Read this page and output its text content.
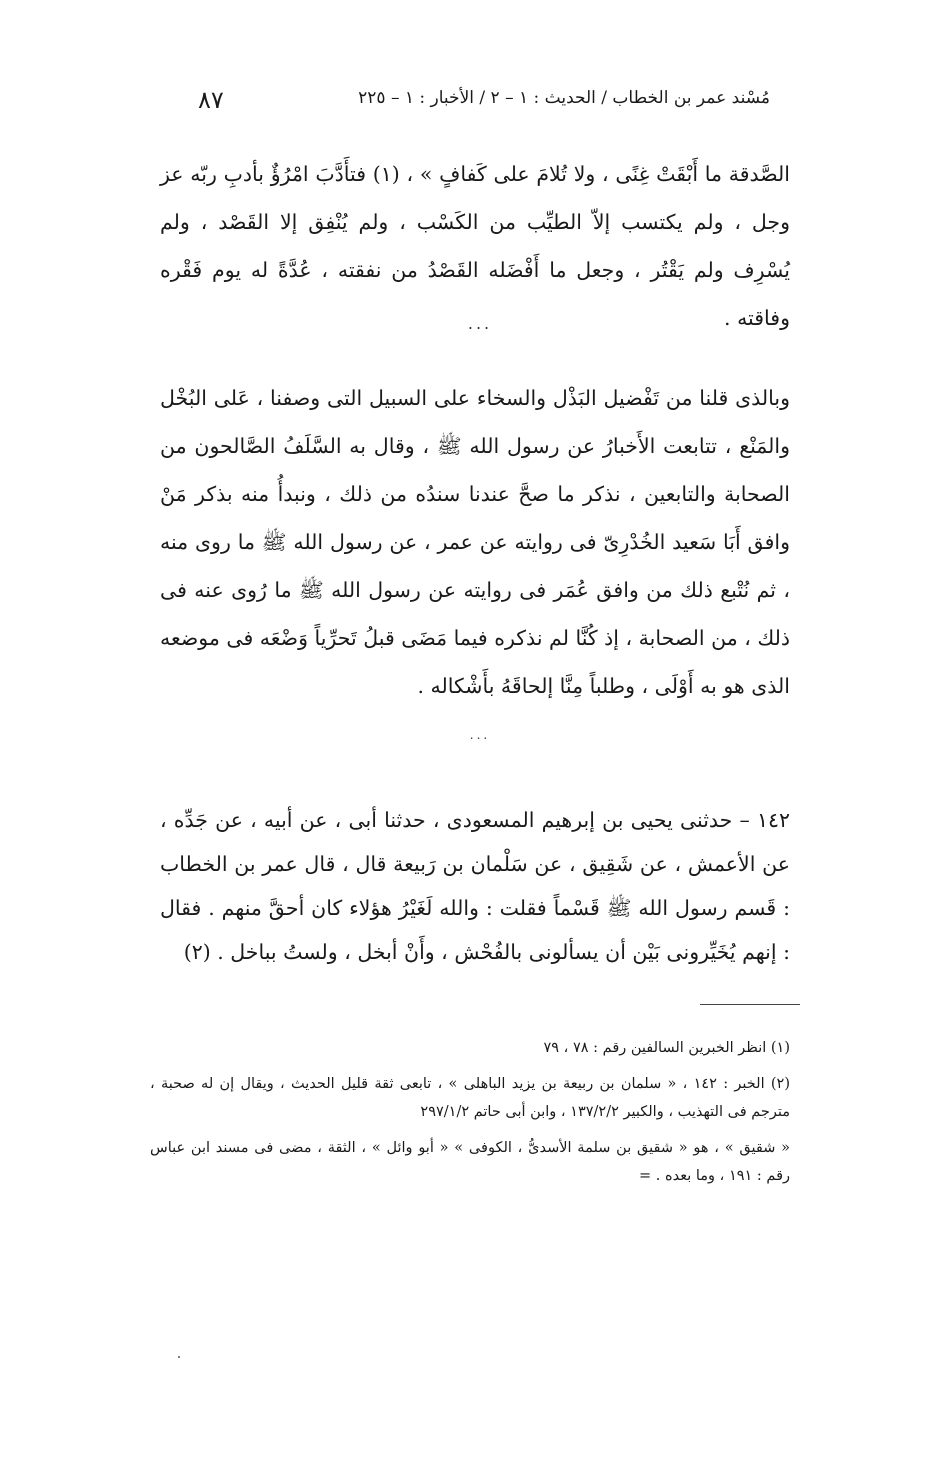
٨٧	مُسْند عمر بن الخطاب / الحديث : ١ – ٢ / الأخبار : ١ – ٢٢٥

الصَّدقة ما أَبْقَتْ غِنًى ، ولا تُلامَ على كَفافٍ » ، (١) فتأَدَّبَ امْرُؤٌ بأدبِ ربّه عز وجل ، ولم يكتسب إلاّ الطيِّب من الكَسْب ، ولم يُنْفِق إلا القَصْد ، ولم يُسْرِف ولم يَقْتُر ، وجعل ما أَفْضَله القَصْدُ من نفقته ، عُدَّةً له يوم فَقْره وفاقته .

...

وبالذى قلنا من تَفْضيل البَذْل والسخاء على السبيل التى وصفنا ، عَلى البُخْل والمَنْع ، تتابعت الأَخبارُ عن رسول الله ﷺ ، وقال به السَّلَفُ الصَّالحون من الصحابة والتابعين ، نذكر ما صحَّ عندنا سندُه من ذلك ، ونبدأُ منه بذكر مَنْ وافق أَبَا سَعيد الخُدْرِىّ فى روايته عن عمر ، عن رسول الله ﷺ ما روى منه ، ثم نُتْبع ذلك من وافق عُمَر فى روايته عن رسول الله ﷺ ما رُوى عنه فى ذلك ، من الصحابة ، إذ كُنَّا لم نذكره فيما مَضَى قبلُ تَحرِّياً وَضْعَه فى موضعه الذى هو به أَوْلَى ، وطلباً مِنَّا إلحاقَهُ بأَشْكاله .

...

١٤٢ – حدثنى يحيى بن إبرهيم المسعودى ، حدثنا أبى ، عن أبيه ، عن جَدِّه ، عن الأعمش ، عن شَقِيق ، عن سَلْمان بن رَبيعة قال ، قال عمر بن الخطاب : قَسم رسول الله ﷺ قَسْماً فقلت : والله لَغَيْرُ هؤلاء كان أحقَّ منهم . فقال : إنهم يُخَيِّرونى بَيْن أن يسألونى بالفُحْش ، وأَنْ أبخل ، ولستُ بباخل . (٢)

(١) انظر الخبرين السالفين رقم : ٧٨ ، ٧٩

(٢) الخبر : ١٤٢ ، « سلمان بن ربيعة بن يزيد الباهلى » ، تابعى ثقة قليل الحديث ، ويقال إن له صحبة ، مترجم فى التهذيب ، والكبير ١٣٧/٢/٢ ، وابن أبى حاتم ٢٩٧/١/٢

« شقيق » ، هو « شقيق بن سلمة الأسدىُّ ، الكوفى » « أبو وائل » ، الثقة ، مضى فى مسند ابن عباس رقم : ١٩١ ، وما بعده . =
